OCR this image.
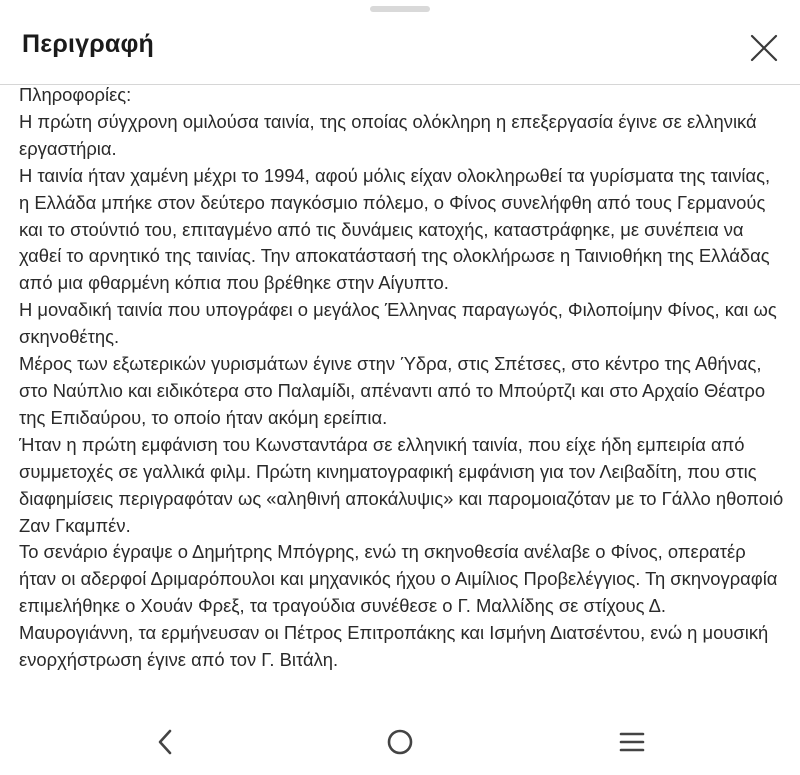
Περιγραφή

Πληροφορίες:

Η πρώτη σύγχρονη ομιλούσα ταινία, της οποίας ολόκληρη η επεξεργασία έγινε σε ελληνικά εργαστήρια.

Η ταινία ήταν χαμένη μέχρι το 1994, αφού μόλις είχαν ολοκληρωθεί τα γυρίσματα της ταινίας, η Ελλάδα μπήκε στον δεύτερο παγκόσμιο πόλεμο, ο Φίνος συνελήφθη από τους Γερμανούς και το στούντιό του, επιταγμένο από τις δυνάμεις κατοχής, καταστράφηκε, με συνέπεια να χαθεί το αρνητικό της ταινίας. Την αποκατάστασή της ολοκλήρωσε η Ταινιοθήκη της Ελλάδας από μια φθαρμένη κόπια που βρέθηκε στην Αίγυπτο.

Η μοναδική ταινία που υπογράφει ο μεγάλος Έλληνας παραγωγός, Φιλοποίμην Φίνος, και ως σκηνοθέτης.

Μέρος των εξωτερικών γυρισμάτων έγινε στην Ύδρα, στις Σπέτσες, στο κέντρο της Αθήνας, στο Ναύπλιο και ειδικότερα στο Παλαμίδι, απέναντι από το Μπούρτζι και στο Αρχαίο Θέατρο της Επιδαύρου, το οποίο ήταν ακόμη ερείπια.

Ήταν η πρώτη εμφάνιση του Κωνσταντάρα σε ελληνική ταινία, που είχε ήδη εμπειρία από συμμετοχές σε γαλλικά φιλμ. Πρώτη κινηματογραφική εμφάνιση για τον Λειβαδίτη, που στις διαφημίσεις περιγραφόταν ως «αληθινή αποκάλυψις» και παρομοιαζόταν με το Γάλλο ηθοποιό Ζαν Γκαμπέν.

Το σενάριο έγραψε ο Δημήτρης Μπόγρης, ενώ τη σκηνοθεσία ανέλαβε ο Φίνος, οπερατέρ ήταν οι αδερφοί Δριμαρόπουλοι και μηχανικός ήχου ο Αιμίλιος Προβελέγγιος. Τη σκηνογραφία επιμελήθηκε ο Χουάν Φρεξ, τα τραγούδια συνέθεσε ο Γ. Μαλλίδης σε στίχους Δ. Μαυρογιάννη, τα ερμήνευσαν οι Πέτρος Επιτροπάκης και Ισμήνη Διατσέντου, ενώ η μουσική ενορχήστρωση έγινε από τον Γ. Βιτάλη.
